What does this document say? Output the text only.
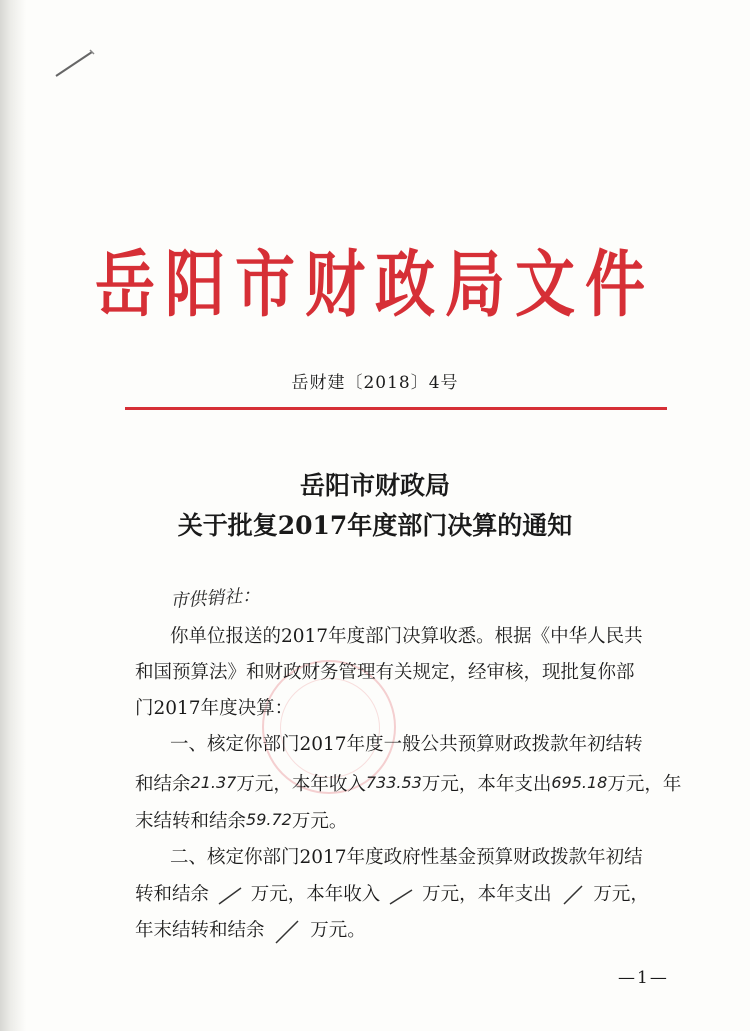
岳阳市财政局文件
岳财建〔2018〕4号
岳阳市财政局
关于批复2017年度部门决算的通知
市供销社：
你单位报送的2017年度部门决算收悉。根据《中华人民共
和国预算法》和财政财务管理有关规定，经审核，现批复你部
门2017年度决算：
一、核定你部门2017年度一般公共预算财政拨款年初结转
和结余21.37万元，本年收入733.53万元，本年支出695.18万元，年
末结转和结余59.72万元。
二、核定你部门2017年度政府性基金预算财政拨款年初结
转和结余 万元，本年收入 万元，本年支出 万元，
年末结转和结余 万元。
—1—
